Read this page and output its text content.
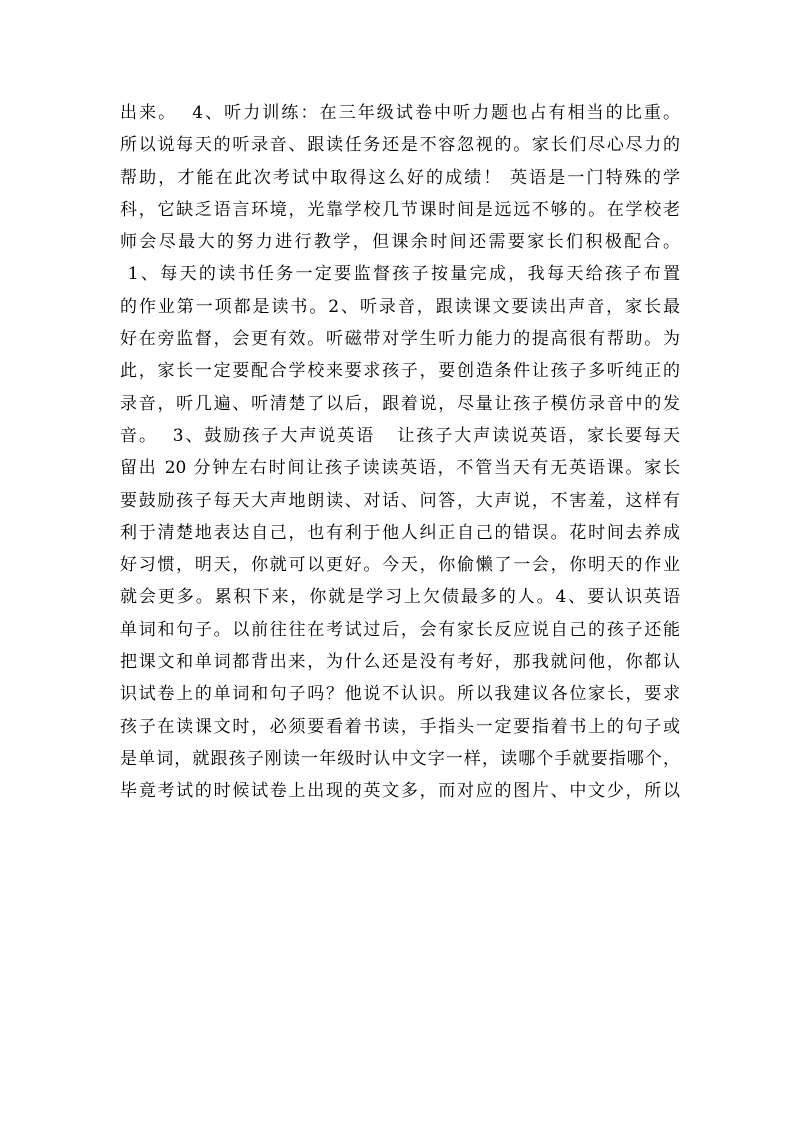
出来。  4、听力训练：在三年级试卷中听力题也占有相当的比重。
所以说每天的听录音、跟读任务还是不容忽视的。家长们尽心尽力的
帮助，才能在此次考试中取得这么好的成绩！ 英语是一门特殊的学
科，它缺乏语言环境，光靠学校几节课时间是远远不够的。在学校老
师会尽最大的努力进行教学，但课余时间还需要家长们积极配合。
1、每天的读书任务一定要监督孩子按量完成，我每天给孩子布置
的作业第一项都是读书。2、听录音，跟读课文要读出声音，家长最
好在旁监督，会更有效。听磁带对学生听力能力的提高很有帮助。为
此，家长一定要配合学校来要求孩子，要创造条件让孩子多听纯正的
录音，听几遍、听清楚了以后，跟着说，尽量让孩子模仿录音中的发
音。  3、鼓励孩子大声说英语   让孩子大声读说英语，家长要每天
留出 20 分钟左右时间让孩子读读英语，不管当天有无英语课。家长
要鼓励孩子每天大声地朗读、对话、问答，大声说，不害羞，这样有
利于清楚地表达自己，也有利于他人纠正自己的错误。花时间去养成
好习惯，明天，你就可以更好。今天，你偷懒了一会，你明天的作业
就会更多。累积下来，你就是学习上欠债最多的人。4、要认识英语
单词和句子。以前往往在考试过后，会有家长反应说自己的孩子还能
把课文和单词都背出来，为什么还是没有考好，那我就问他，你都认
识试卷上的单词和句子吗？他说不认识。所以我建议各位家长，要求
孩子在读课文时，必须要看着书读，手指头一定要指着书上的句子或
是单词，就跟孩子刚读一年级时认中文字一样，读哪个手就要指哪个，
毕竟考试的时候试卷上出现的英文多，而对应的图片、中文少，所以
